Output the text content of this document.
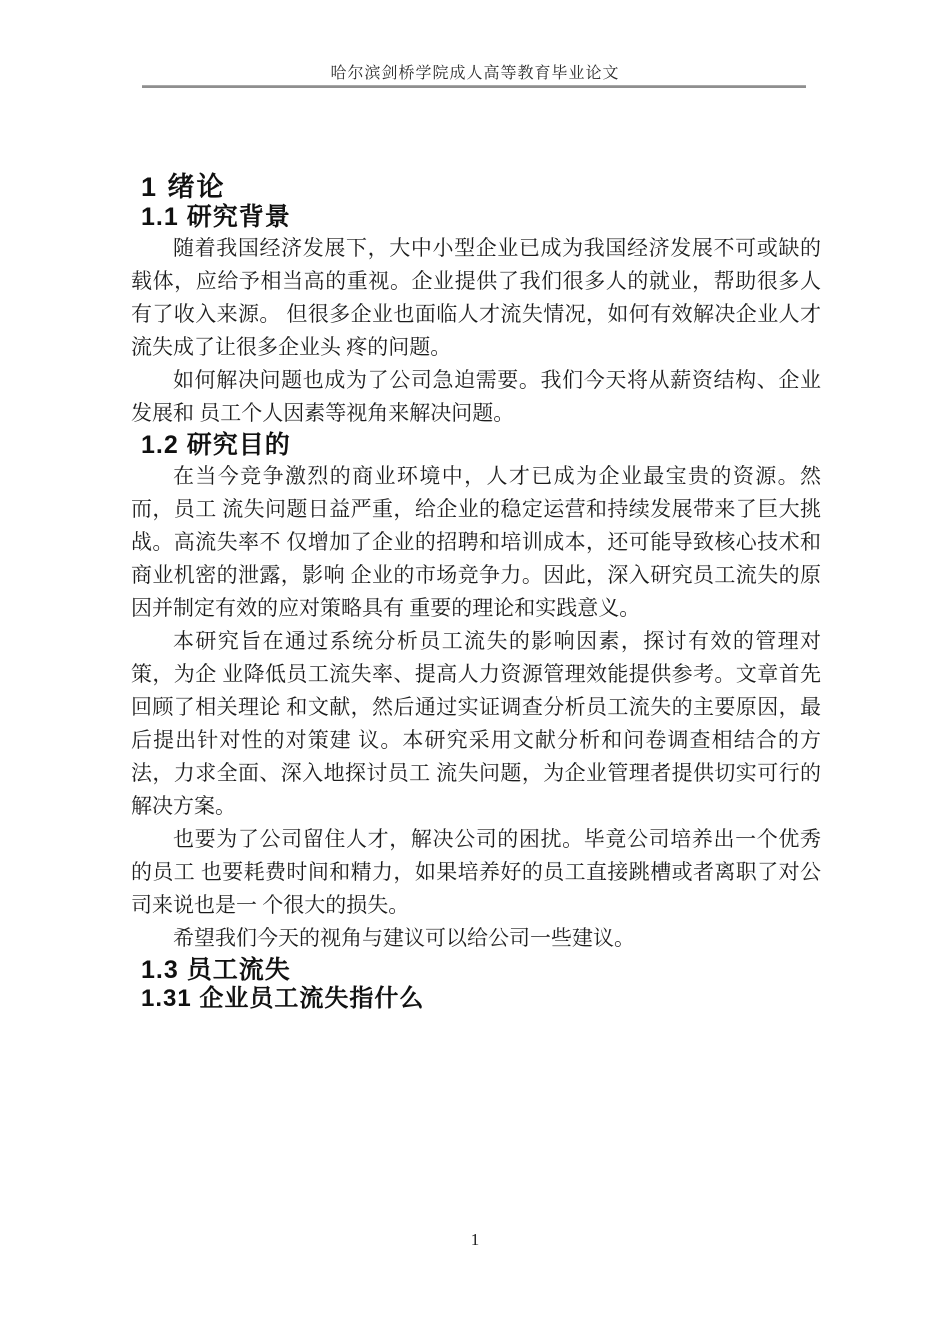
哈尔滨剑桥学院成人高等教育毕业论文
1 绪论
1.1 研究背景

随着我国经济发展下，大中小型企业已成为我国经济发展不可或缺的载体，应给予相当高的重视。企业提供了我们很多人的就业，帮助很多人有了收入来源。 但很多企业也面临人才流失情况，如何有效解决企业人才流失成了让很多企业头 疼的问题。

如何解决问题也成为了公司急迫需要。我们今天将从薪资结构、企业发展和 员工个人因素等视角来解决问题。

1.2 研究目的

在当今竞争激烈的商业环境中，人才已成为企业最宝贵的资源。然而，员工 流失问题日益严重，给企业的稳定运营和持续发展带来了巨大挑战。高流失率不 仅增加了企业的招聘和培训成本，还可能导致核心技术和商业机密的泄露，影响 企业的市场竞争力。因此，深入研究员工流失的原因并制定有效的应对策略具有 重要的理论和实践意义。

本研究旨在通过系统分析员工流失的影响因素，探讨有效的管理对策，为企 业降低员工流失率、提高人力资源管理效能提供参考。文章首先回顾了相关理论 和文献，然后通过实证调查分析员工流失的主要原因，最后提出针对性的对策建 议。本研究采用文献分析和问卷调查相结合的方法，力求全面、深入地探讨员工 流失问题，为企业管理者提供切实可行的解决方案。

也要为了公司留住人才，解决公司的困扰。毕竟公司培养出一个优秀的员工 也要耗费时间和精力，如果培养好的员工直接跳槽或者离职了对公司来说也是一 个很大的损失。

希望我们今天的视角与建议可以给公司一些建议。

1.3 员工流失
1.31 企业员工流失指什么
1
